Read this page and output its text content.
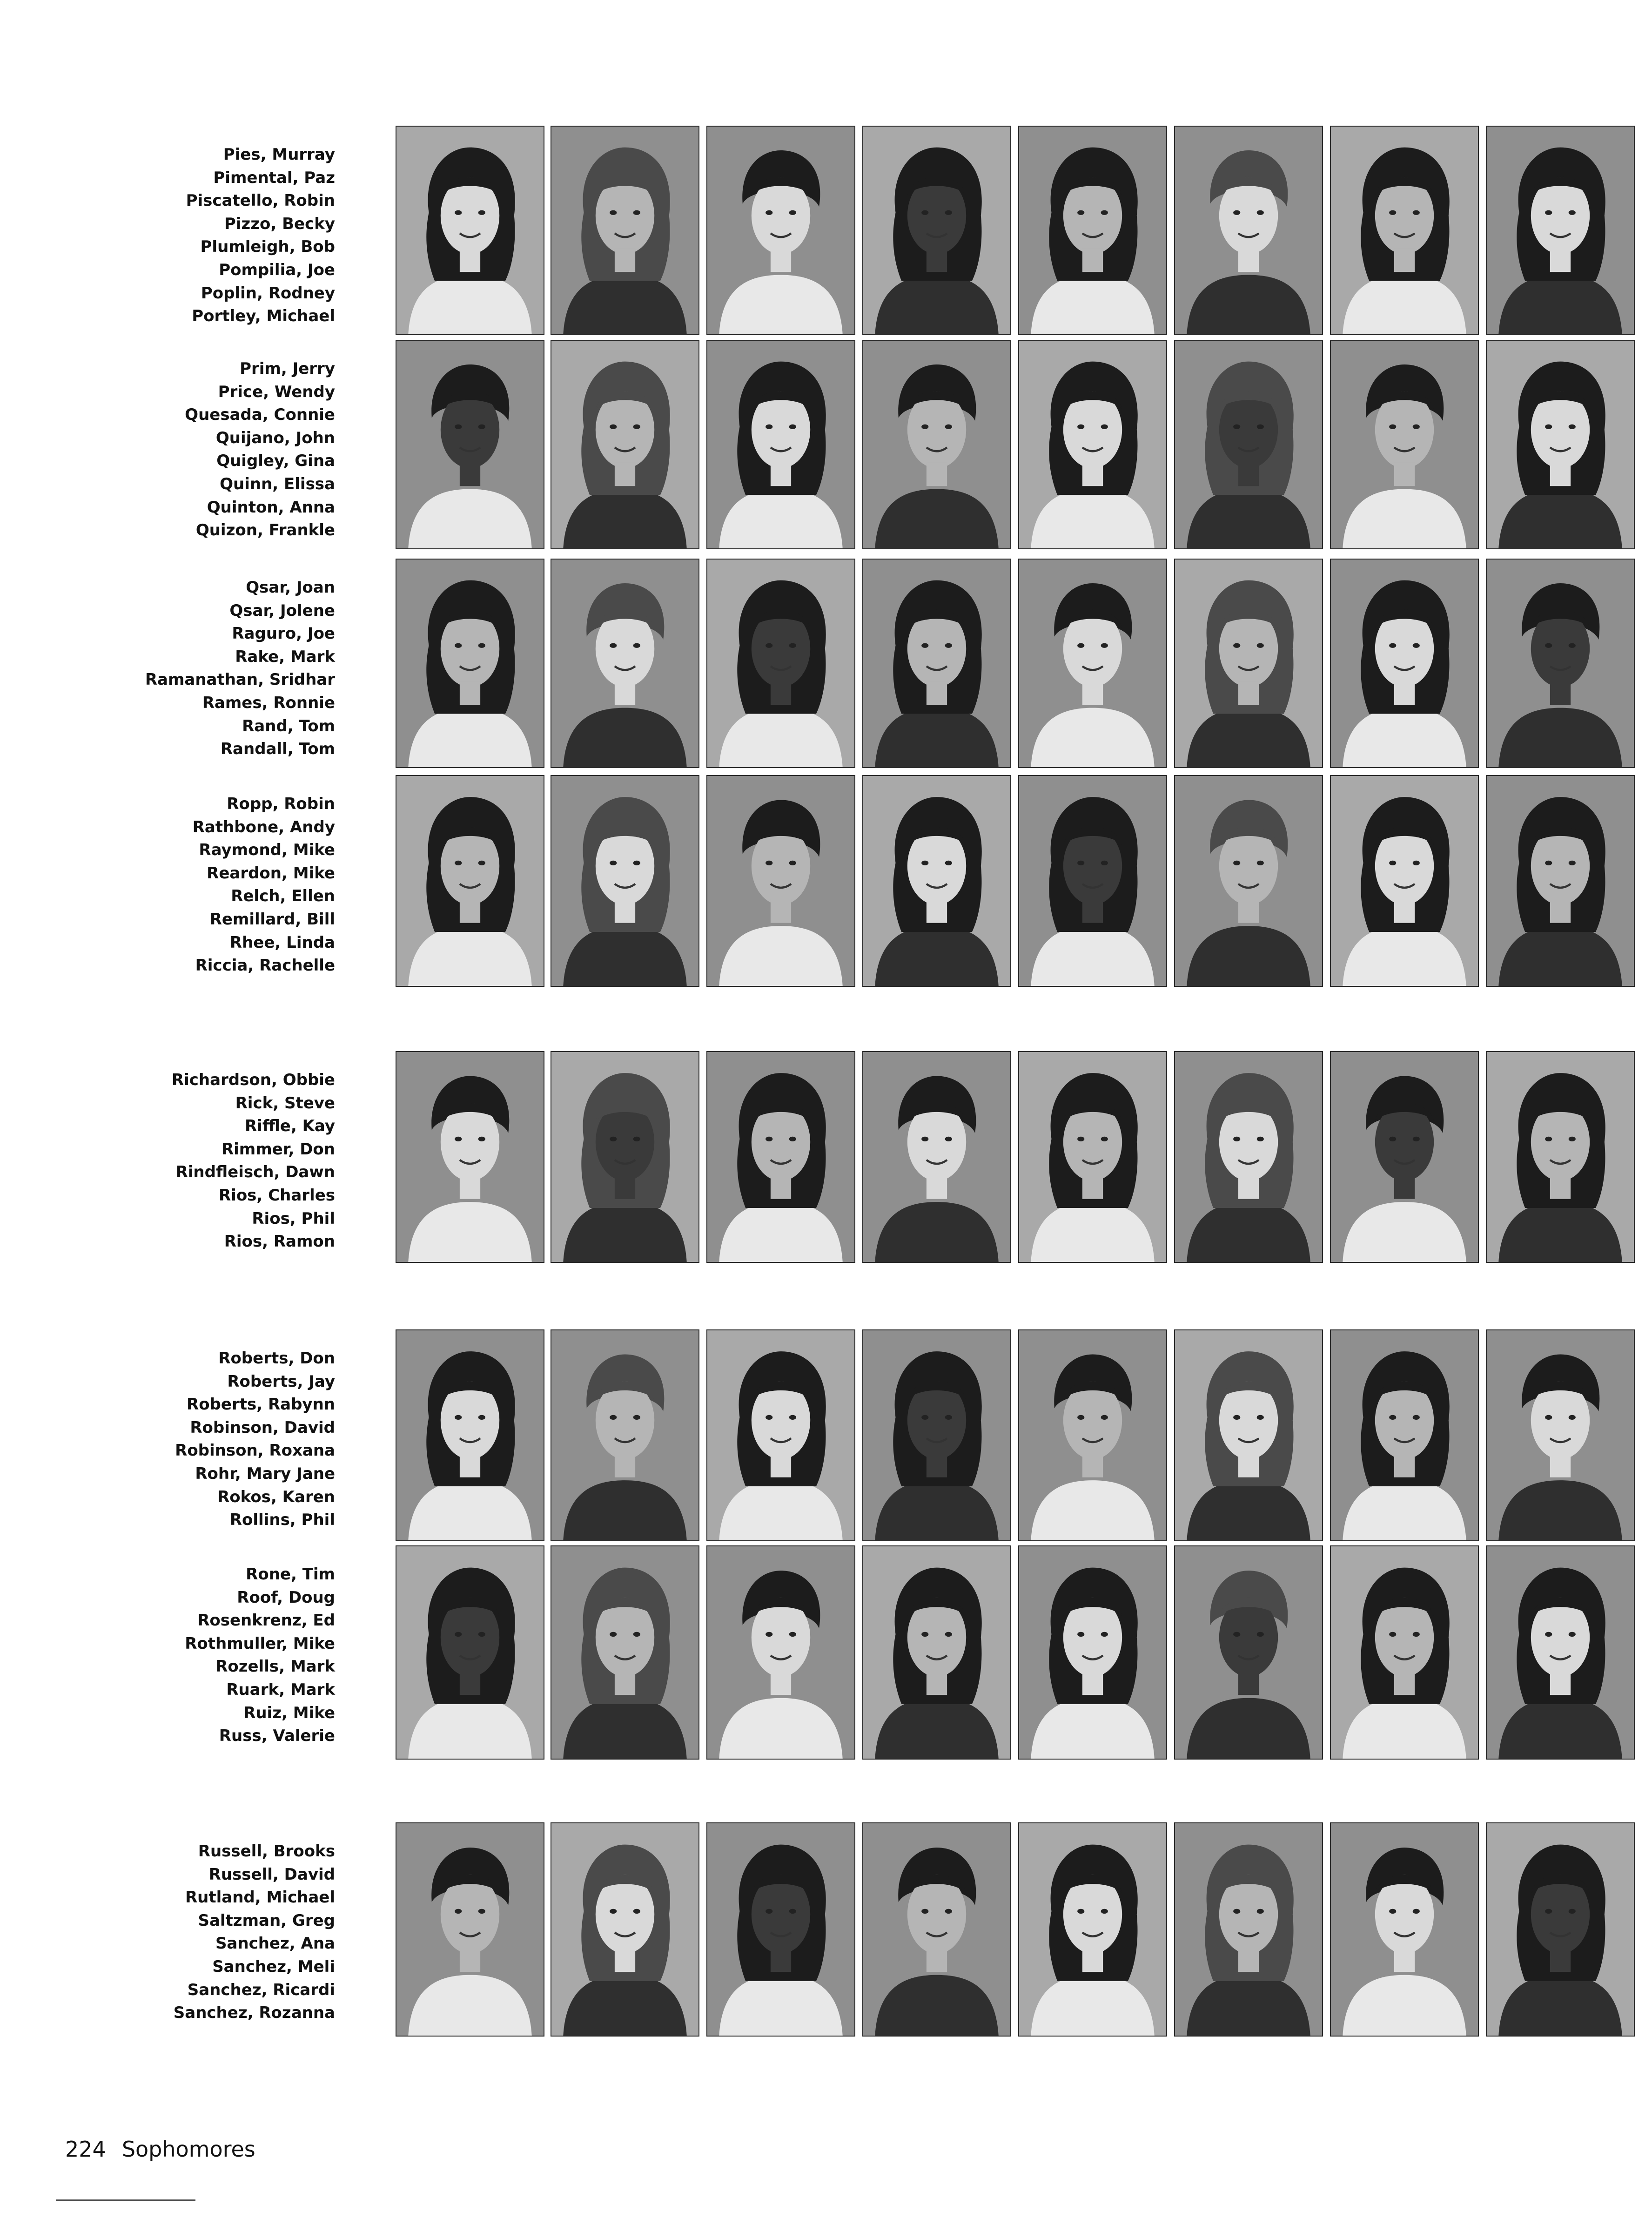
Pies, Murray
Pimental, Paz
Piscatello, Robin
Pizzo, Becky
Plumleigh, Bob
Pompilia, Joe
Poplin, Rodney
Portley, Michael
Prim, Jerry
Price, Wendy
Quesada, Connie
Quijano, John
Quigley, Gina
Quinn, Elissa
Quinton, Anna
Quizon, Frankle
Qsar, Joan
Qsar, Jolene
Raguro, Joe
Rake, Mark
Ramanathan, Sridhar
Rames, Ronnie
Rand, Tom
Randall, Tom
Ropp, Robin
Rathbone, Andy
Raymond, Mike
Reardon, Mike
Relch, Ellen
Remillard, Bill
Rhee, Linda
Riccia, Rachelle
Richardson, Obbie
Rick, Steve
Riffle, Kay
Rimmer, Don
Rindfleisch, Dawn
Rios, Charles
Rios, Phil
Rios, Ramon
Roberts, Don
Roberts, Jay
Roberts, Rabynn
Robinson, David
Robinson, Roxana
Rohr, Mary Jane
Rokos, Karen
Rollins, Phil
Rone, Tim
Roof, Doug
Rosenkrenz, Ed
Rothmuller, Mike
Rozells, Mark
Ruark, Mark
Ruiz, Mike
Russ, Valerie
Russell, Brooks
Russell, David
Rutland, Michael
Saltzman, Greg
Sanchez, Ana
Sanchez, Meli
Sanchez, Ricardi
Sanchez, Rozanna
224 Sophomores
